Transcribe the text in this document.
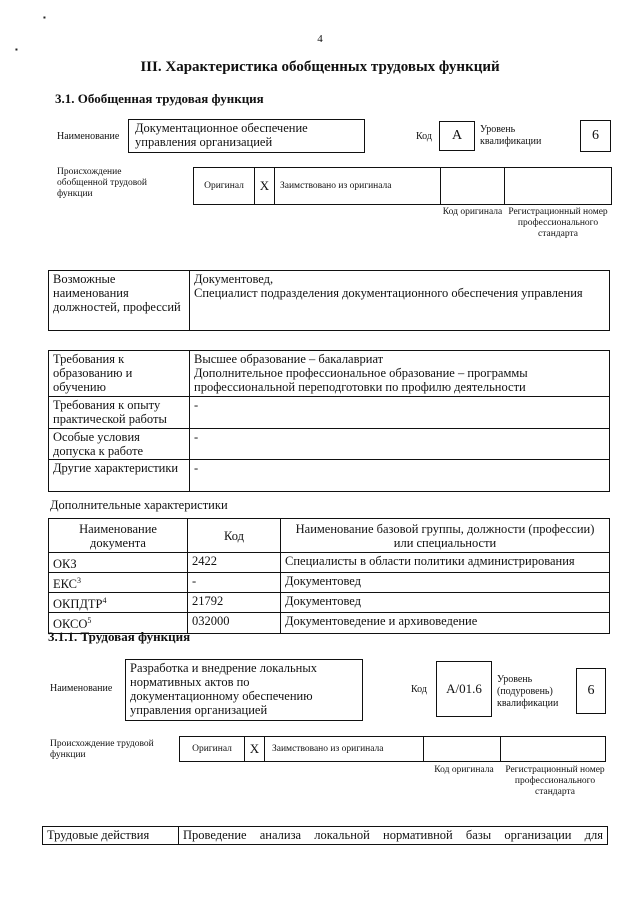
4
▪
▪
III. Характеристика обобщенных трудовых функций
3.1. Обобщенная трудовая функция
Наименование
Документационное обеспечение управления организацией	Код	А	Уровень квалификации	6
Происхождение обобщенной трудовой функции
Оригинал	X	Заимствовано из оригинала
Код оригинала Регистрационный номер профессионального стандарта
Возможные наименования должностей, профессий	Документовед,
Специалист подразделения документационного обеспечения управления
Требования к образованию и обучению	Высшее образование – бакалавриат
Дополнительное профессиональное образование – программы профессиональной переподготовки по профилю деятельности
Требования к опыту практической работы	-
Особые условия допуска к работе	-
Другие характеристики	-
Дополнительные характеристики
Наименование документа	Код	Наименование базовой группы, должности (профессии) или специальности
ОКЗ	2422	Специалисты в области политики администрирования
ЕКС$^3$	-	Документовед
ОКПДТР$^4$	21792	Документовед
ОКСО$^5$	032000	Документоведение и архивоведение
3.1.1. Трудовая функция
Наименование
Разработка и внедрение локальных нормативных актов по документационному обеспечению управления организацией
Код	А/01.6
Уровень (подуровень) квалификации
6
Происхождение трудовой функции
Оригинал	X	Заимствовано из оригинала
Код оригинала	Регистрационный номер профессионального стандарта
Трудовые действия	Проведение анализа локальной нормативной базы организации для
